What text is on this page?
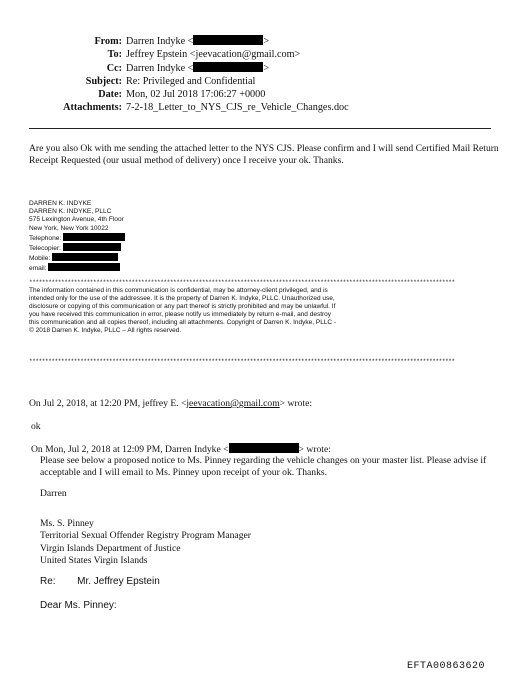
From: Darren Indyke <	>
To: Jeffrey Epstein <jeevacation@gmail.com>
Cc: Darren Indyke <	>
Subject: Re: Privileged and Confidential
Date: Mon, 02 Jul 2018 17:06:27 +0000
Attachments: 7-2-18_Letter_to_NYS_CJS_re_Vehicle_Changes.doc
Are you also Ok with me sending the attached letter to the NYS CJS. Please confirm and I will send Certified Mail Return Receipt Requested (our usual method of delivery) once I receive your ok. Thanks.
DARREN K. INDYKE
DARREN K. INDYKE, PLLC
575 Lexington Avenue, 4th Floor
New York, New York 10022
Telephone:
Telecopier:
Mobile:
email:
*************************************************************************************************************************************
The information contained in this communication is confidential, may be attorney-client privileged, and is intended only for the use of the addressee. It is the property of Darren K. Indyke, PLLC. Unauthorized use, disclosure or copying of this communication or any part thereof is strictly prohibited and may be unlawful. If you have received this communication in error, please notify us immediately by return e-mail, and destroy this communication and all copies thereof, including all attachments. Copyright of Darren K. Indyke, PLLC - © 2018 Darren K. Indyke, PLLC – All rights reserved.
*************************************************************************************************************************************
On Jul 2, 2018, at 12:20 PM, jeffrey E. <jeevacation@gmail.com> wrote:
ok
On Mon, Jul 2, 2018 at 12:09 PM, Darren Indyke <	> wrote:
Please see below a proposed notice to Ms. Pinney regarding the vehicle changes on your master list. Please advise if acceptable and I will email to Ms. Pinney upon receipt of your ok. Thanks.
Darren
Ms. S. Pinney
Territorial Sexual Offender Registry Program Manager
Virgin Islands Department of Justice
United States Virgin Islands
Re: Mr. Jeffrey Epstein
Dear Ms. Pinney:
EFTA00863620
